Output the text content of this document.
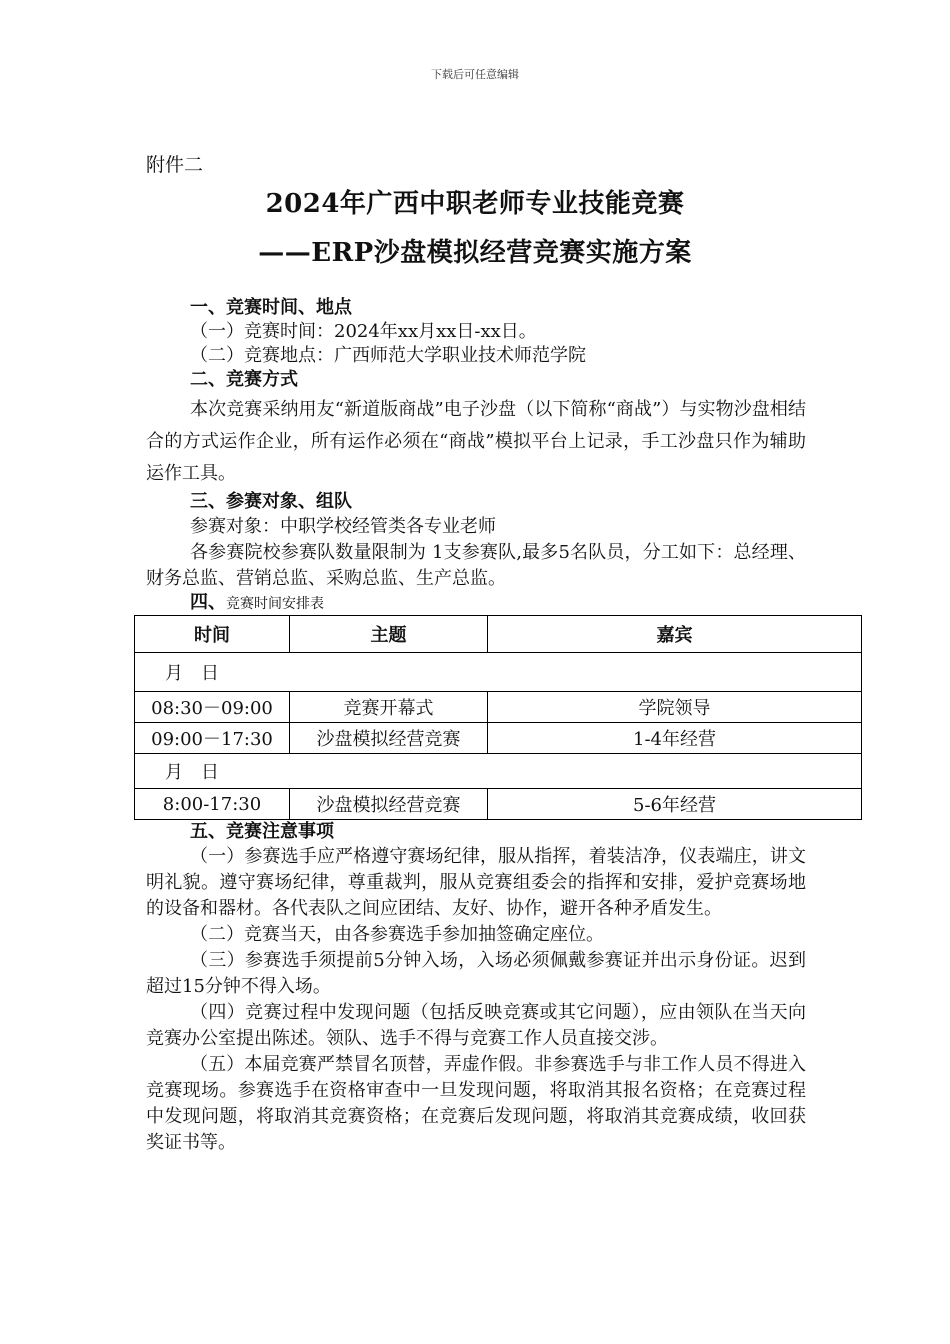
下载后可任意编辑
附件二
2024年广西中职老师专业技能竞赛
——ERP沙盘模拟经营竞赛实施方案
一、竞赛时间、地点
（一）竞赛时间：2024年xx月xx日-xx日。
（二）竞赛地点：广西师范大学职业技术师范学院
二、竞赛方式

本次竞赛采纳用友“新道版商战”电子沙盘（以下简称“商战”）与实物沙盘相结合的方式运作企业，所有运作必须在“商战”模拟平台上记录，手工沙盘只作为辅助运作工具。

三、参赛对象、组队

参赛对象：中职学校经管类各专业老师

各参赛院校参赛队数量限制为 1支参赛队,最多5名队员，分工如下：总经理、财务总监、营销总监、采购总监、生产总监。

四、竞赛时间安排表
时间	主题	嘉宾
月　日		
08:30－09:00	竞赛开幕式	学院领导
09:00－17:30	沙盘模拟经营竞赛	1-4年经营
月　日		
8:00-17:30	沙盘模拟经营竞赛	5-6年经营
五、竞赛注意事项

（一）参赛选手应严格遵守赛场纪律，服从指挥，着装洁净，仪表端庄，讲文明礼貌。遵守赛场纪律，尊重裁判，服从竞赛组委会的指挥和安排，爱护竞赛场地的设备和器材。各代表队之间应团结、友好、协作，避开各种矛盾发生。

（二）竞赛当天，由各参赛选手参加抽签确定座位。

（三）参赛选手须提前5分钟入场，入场必须佩戴参赛证并出示身份证。迟到超过15分钟不得入场。

（四）竞赛过程中发现问题（包括反映竞赛或其它问题），应由领队在当天向竞赛办公室提出陈述。领队、选手不得与竞赛工作人员直接交涉。

（五）本届竞赛严禁冒名顶替，弄虚作假。非参赛选手与非工作人员不得进入竞赛现场。参赛选手在资格审查中一旦发现问题，将取消其报名资格；在竞赛过程中发现问题，将取消其竞赛资格；在竞赛后发现问题，将取消其竞赛成绩，收回获奖证书等。
